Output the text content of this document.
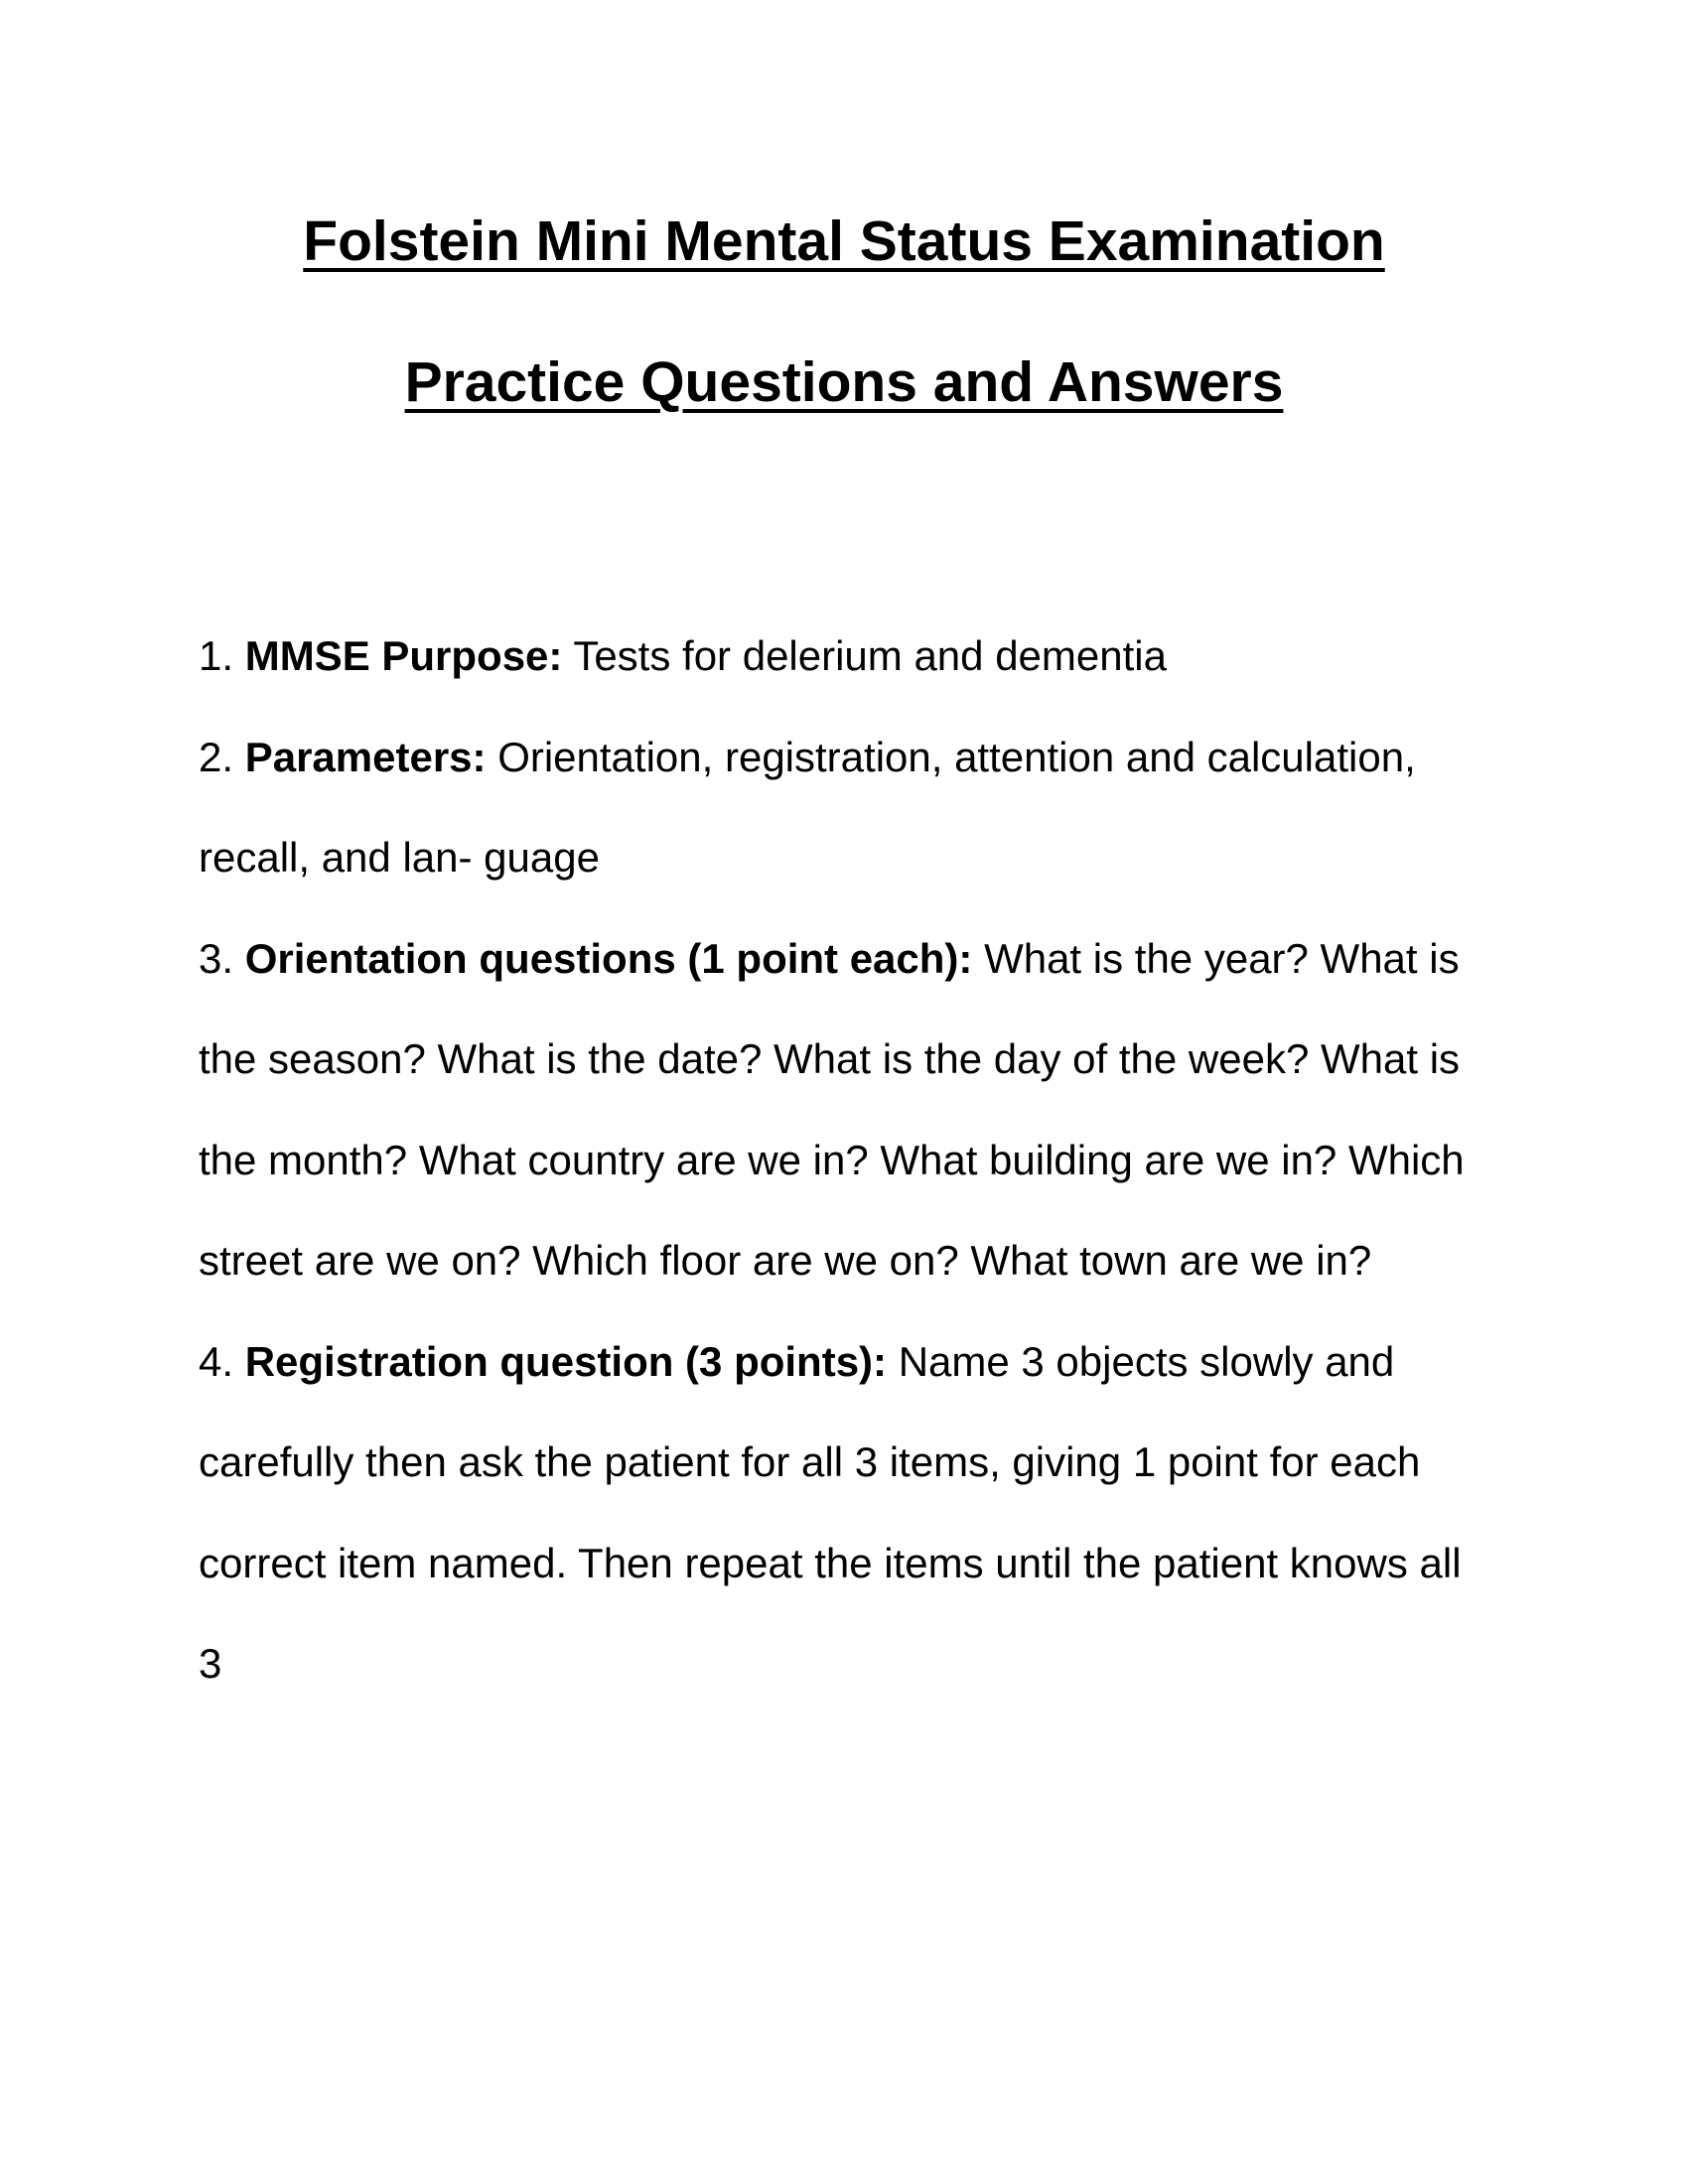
Folstein Mini Mental Status Examination
Practice Questions and Answers

1. MMSE Purpose: Tests for delerium and dementia

2. Parameters: Orientation, registration, attention and calculation, recall, and lan- guage

3. Orientation questions (1 point each): What is the year? What is the season? What is the date? What is the day of the week? What is the month? What country are we in? What building are we in? Which street are we on? Which floor are we on? What town are we in?

4. Registration question (3 points): Name 3 objects slowly and carefully then ask the patient for all 3 items, giving 1 point for each correct item named. Then repeat the items until the patient knows all 3
